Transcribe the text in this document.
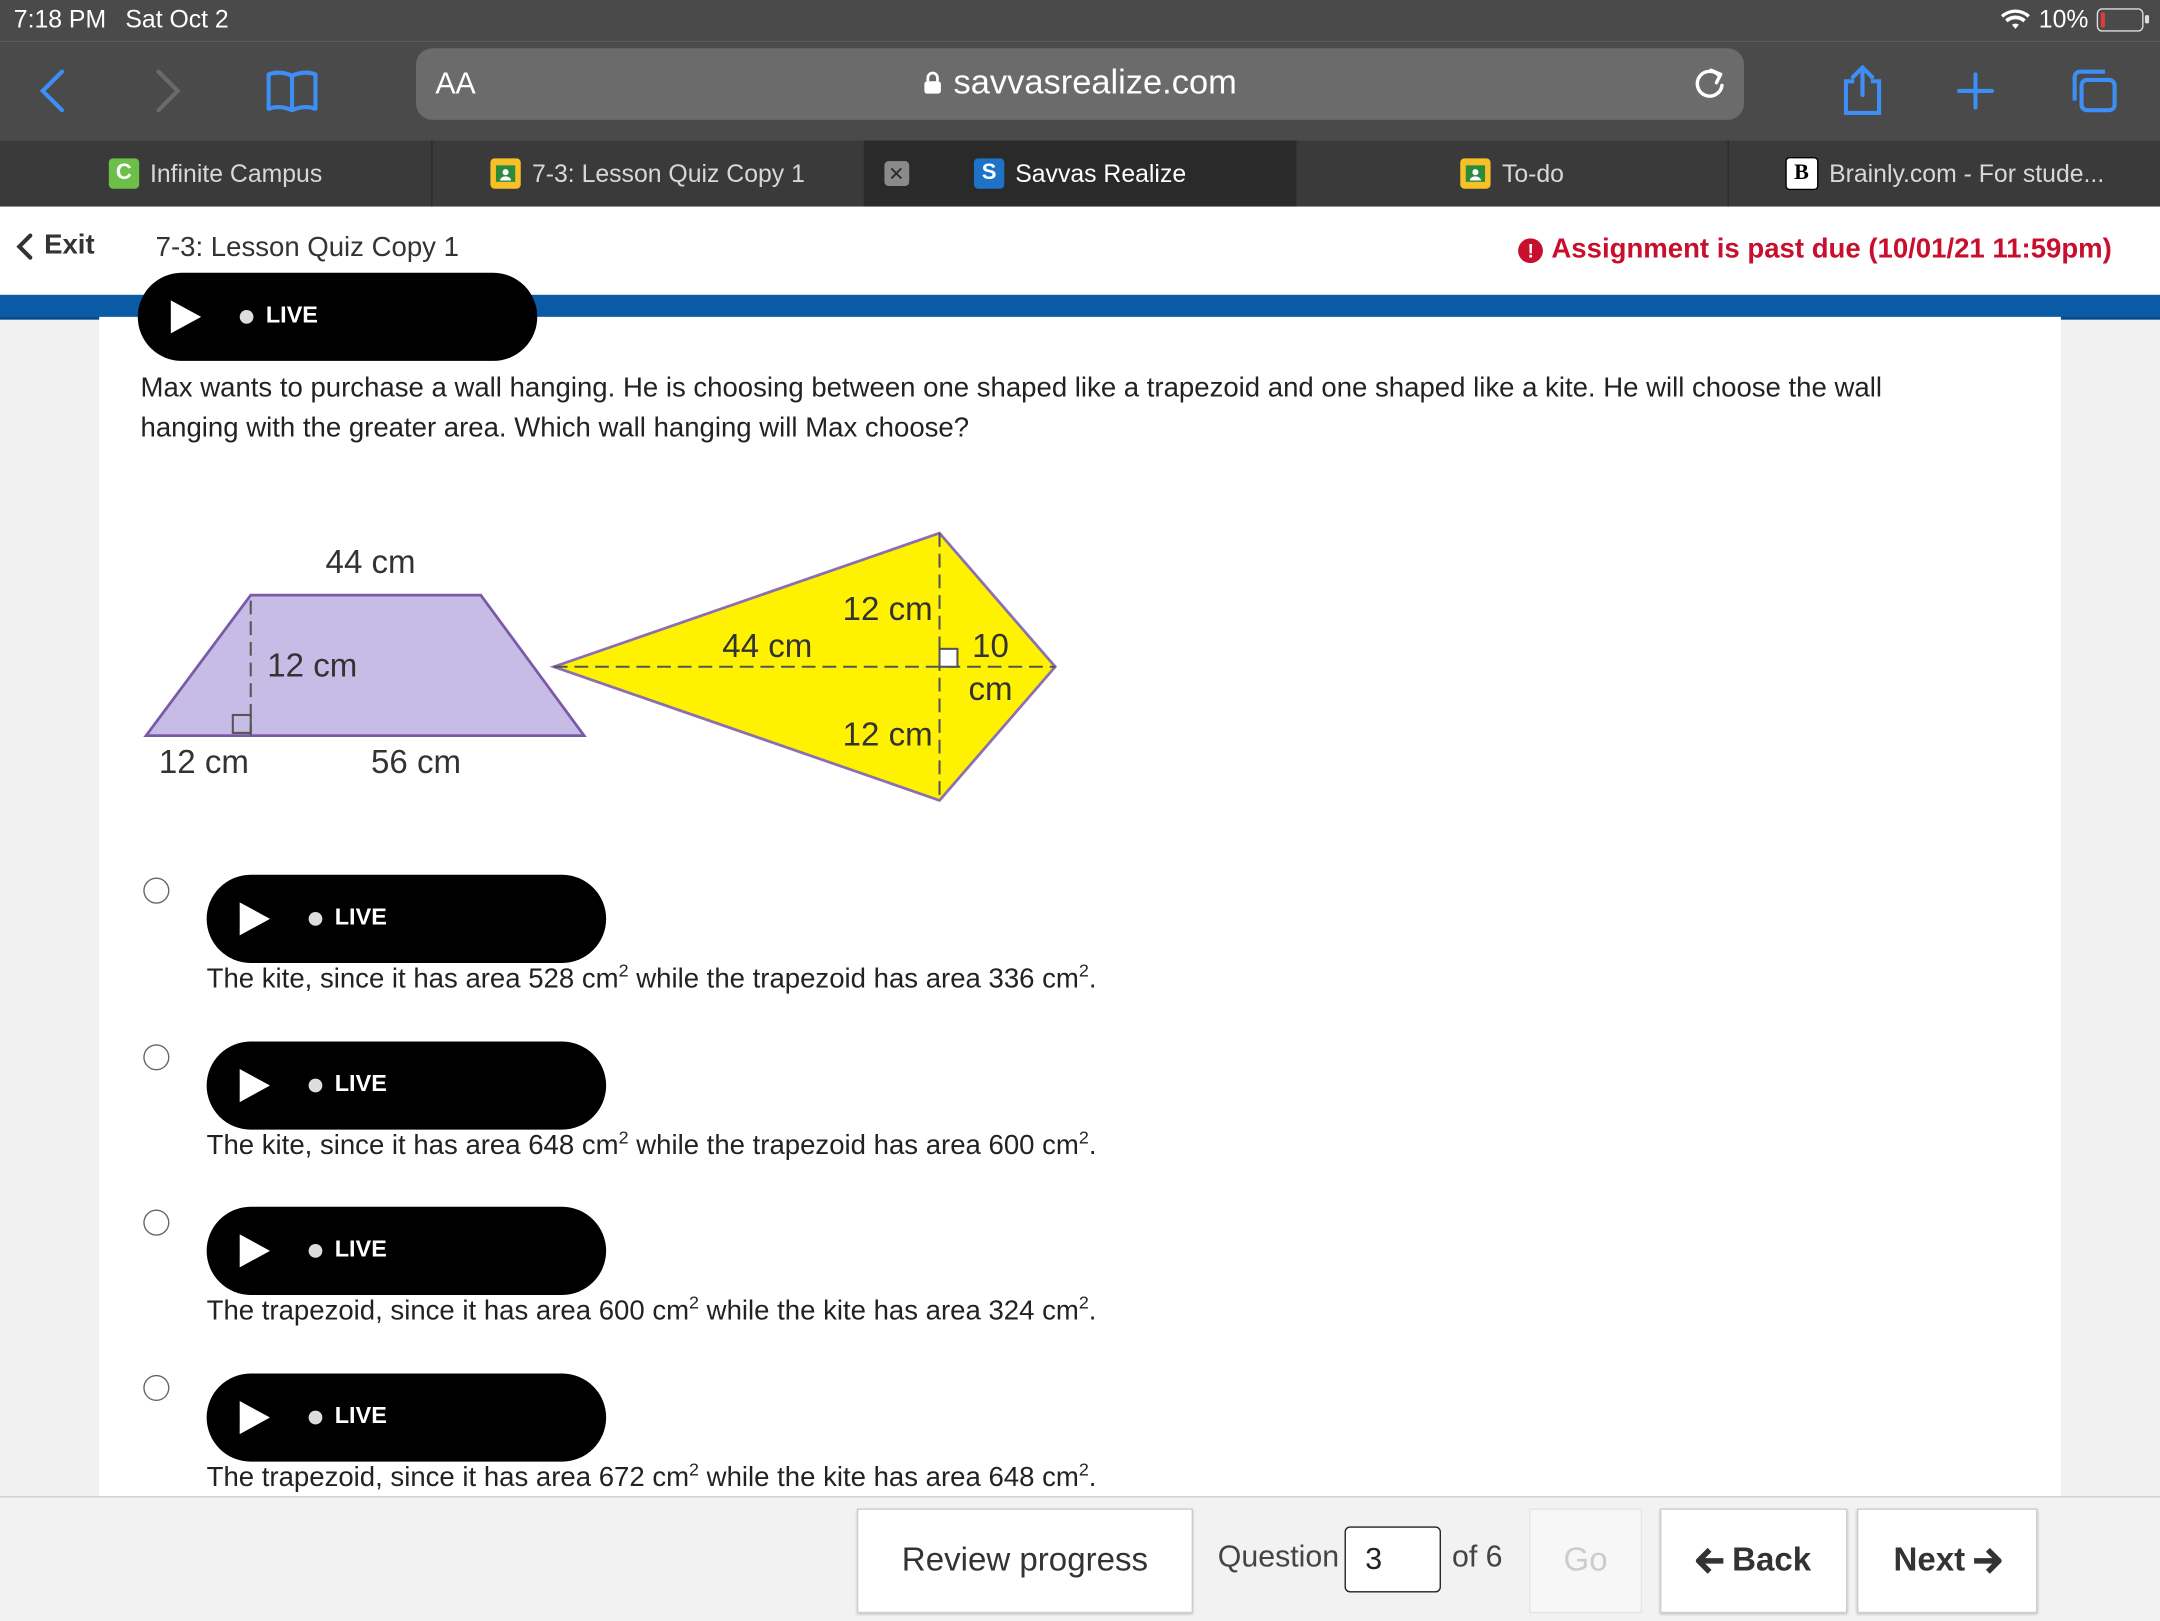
7:18 PM Sat Oct 2	10%
AA	savvasrealize.com
C	Infinite Campus	7-3: Lesson Quiz Copy 1	✕	S	Savvas Realize	To-do	B	Brainly.com - For stude...
Exit	7-3: Lesson Quiz Copy 1	! Assignment is past due (10/01/21 11:59pm)
LIVE
Max wants to purchase a wall hanging. He is choosing between one shaped like a trapezoid and one shaped like a kite. He will choose the wall hanging with the greater area. Which wall hanging will Max choose?
44 cm
12 cm
12 cm	56 cm
12 cm
44 cm	10
cm
12 cm
LIVE
The kite, since it has area 528 $cm^2$ while the trapezoid has area 336 $cm^2$.
LIVE
The kite, since it has area 648 $cm^2$ while the trapezoid has area 600 $cm^2$.
LIVE
The trapezoid, since it has area 600 $cm^2$ while the kite has area 324 $cm^2$.
LIVE
The trapezoid, since it has area 672 $cm^2$ while the kite has area 648 $cm^2$.
Review progress	Question
3	of 6	Go	Back	Next
